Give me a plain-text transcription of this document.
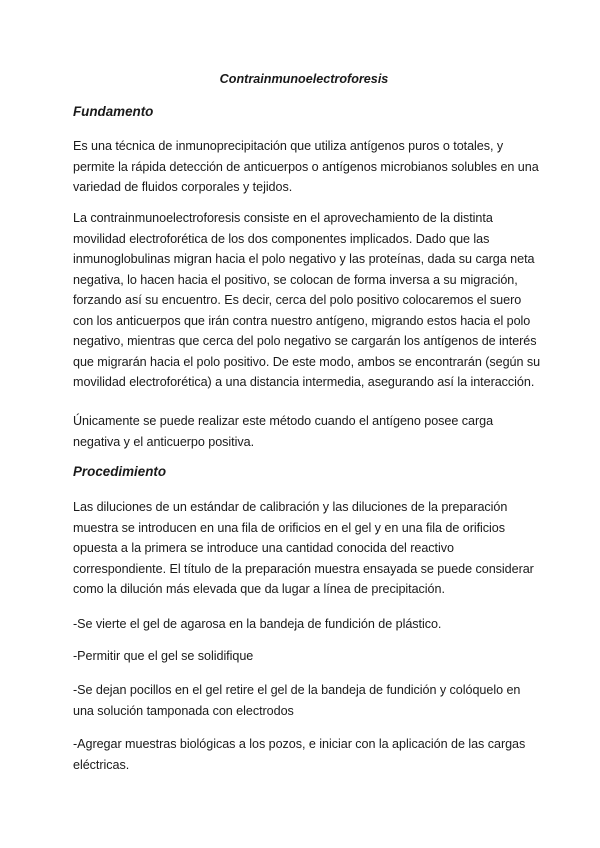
Contrainmunoelectroforesis
Fundamento
Es una técnica de inmunoprecipitación que utiliza antígenos puros o totales, y
permite la rápida detección de anticuerpos o antígenos microbianos solubles en una
variedad de fluidos corporales y tejidos.
La contrainmunoelectroforesis consiste en el aprovechamiento de la distinta
movilidad electroforética de los dos componentes implicados. Dado que las
inmunoglobulinas migran hacia el polo negativo y las proteínas, dada su carga neta
negativa, lo hacen hacia el positivo, se colocan de forma inversa a su migración,
forzando así su encuentro. Es decir, cerca del polo positivo colocaremos el suero
con los anticuerpos que irán contra nuestro antígeno, migrando estos hacia el polo
negativo, mientras que cerca del polo negativo se cargarán los antígenos de interés
que migrarán hacia el polo positivo. De este modo, ambos se encontrarán (según su
movilidad electroforética) a una distancia intermedia, asegurando así la interacción.
Únicamente se puede realizar este método cuando el antígeno posee carga
negativa y el anticuerpo positiva.
Procedimiento
Las diluciones de un estándar de calibración y las diluciones de la preparación
muestra se introducen en una fila de orificios en el gel y en una fila de orificios
opuesta a la primera se introduce una cantidad conocida del reactivo
correspondiente. El título de la preparación muestra ensayada se puede considerar
como la dilución más elevada que da lugar a línea de precipitación.
-Se vierte el gel de agarosa en la bandeja de fundición de plástico.
-Permitir que el gel se solidifique
-Se dejan pocillos en el gel retire el gel de la bandeja de fundición y colóquelo en
una solución tamponada con electrodos
-Agregar muestras biológicas a los pozos, e iniciar con la aplicación de las cargas
eléctricas.
